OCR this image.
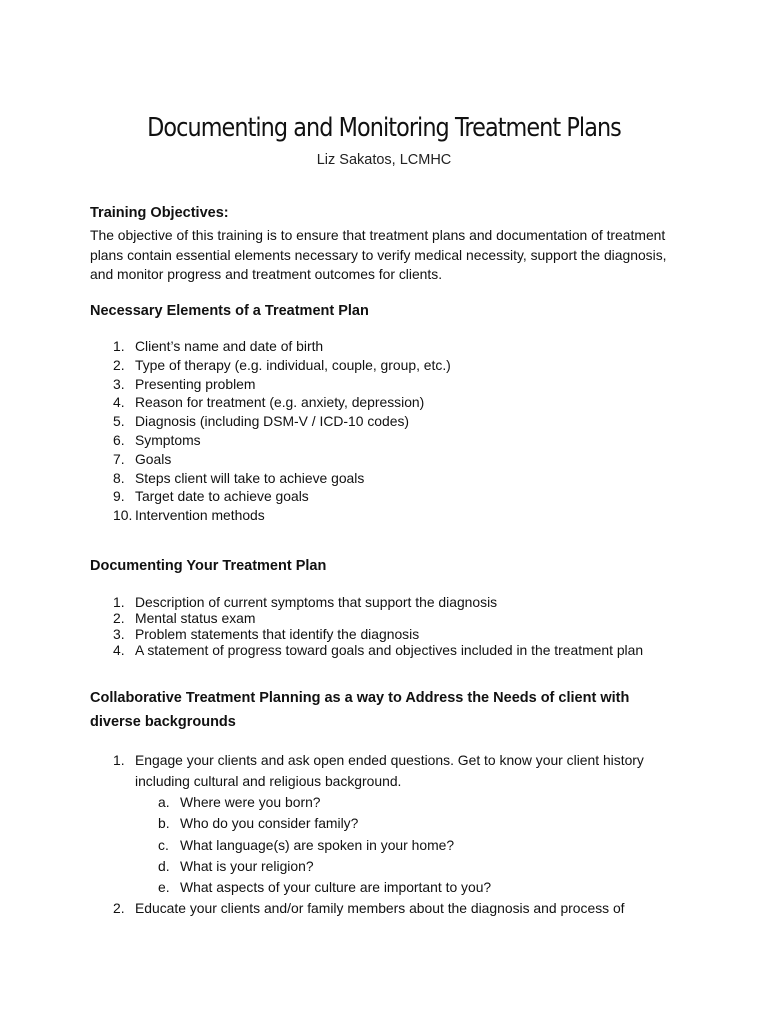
Documenting and Monitoring Treatment Plans
Liz Sakatos, LCMHC
Training Objectives:

The objective of this training is to ensure that treatment plans and documentation of treatment
plans contain essential elements necessary to verify medical necessity, support the diagnosis,
and monitor progress and treatment outcomes for clients.

Necessary Elements of a Treatment Plan
1. Client’s name and date of birth
2. Type of therapy (e.g. individual, couple, group, etc.)
3. Presenting problem
4. Reason for treatment (e.g. anxiety, depression)
5. Diagnosis (including DSM-V / ICD-10 codes)
6. Symptoms
7. Goals
8. Steps client will take to achieve goals
9. Target date to achieve goals
10. Intervention methods
Documenting Your Treatment Plan
1. Description of current symptoms that support the diagnosis
2. Mental status exam
3. Problem statements that identify the diagnosis
4. A statement of progress toward goals and objectives included in the treatment plan
Collaborative Treatment Planning as a way to Address the Needs of client with
diverse backgrounds
1. Engage your clients and ask open ended questions. Get to know your client history
including cultural and religious background.
a. Where were you born?
b. Who do you consider family?
c. What language(s) are spoken in your home?
d. What is your religion?
e. What aspects of your culture are important to you?
2. Educate your clients and/or family members about the diagnosis and process of
